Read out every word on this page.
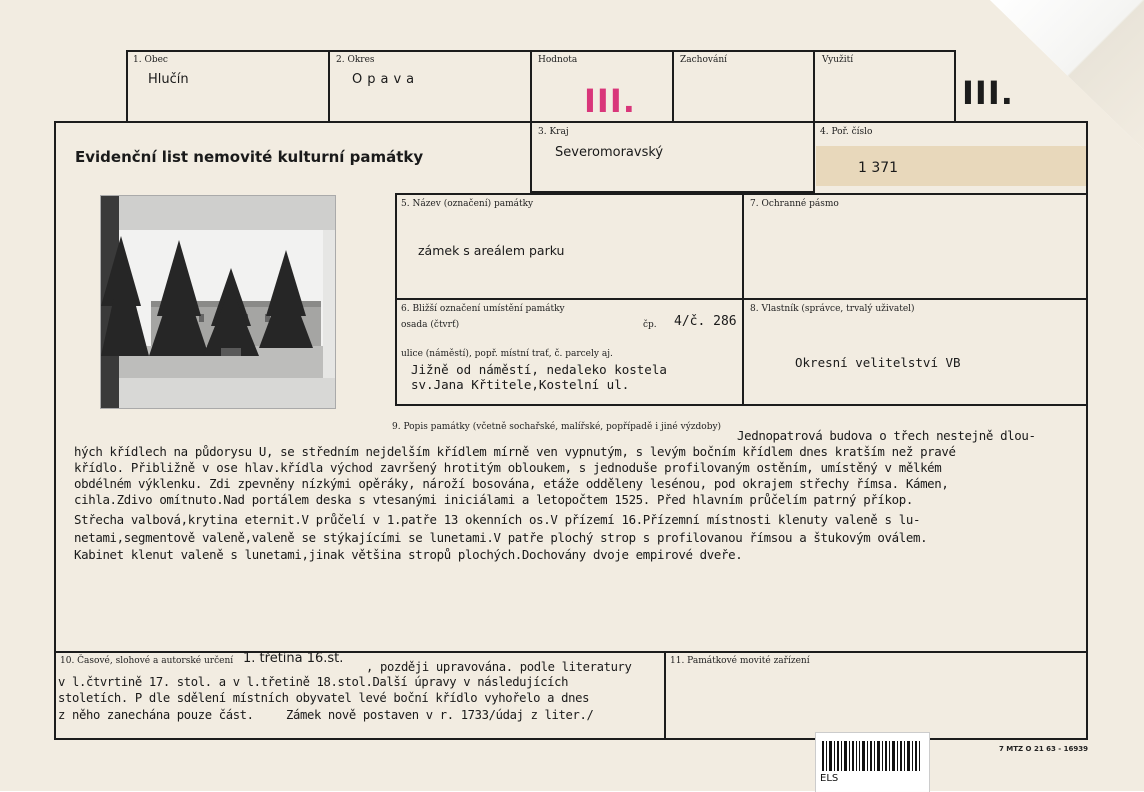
1. Obec
Hlučín
2. Okres
Opava
Hodnota
III.
Zachování	Využití
III.
Evidenční list nemovité kulturní památky
3. Kraj
Severomoravský
4. Poř. číslo
1 371
5. Název (označení) památky
zámek s areálem parku
7. Ochranné pásmo
6. Bližší označení umístění památky
osada (čtvrť)	čp. 4/č. 286
ulice (náměstí), popř. místní trať, č. parcely aj.
Jižně od náměstí, nedaleko kostela
sv.Jana Křtitele,Kostelní ul.
8. Vlastník (správce, trvalý uživatel)
Okresní velitelství VB
9. Popis památky (včetně sochařské, malířské, popřípadě i jiné výzdoby)
Jednopatrová budova o třech nestejně dlou-
hých křídlech na půdorysu U, se středním nejdelším křídlem mírně ven vypnutým, s levým bočním křídlem dnes kratším než pravé
křídlo. Přibližně v ose hlav.křídla východ završený hrotitým obloukem, s jednoduše profilovaným ostěním, umístěný v mělkém
obdélném výklenku. Zdi zpevněny nízkými opěráky, nároží bosována, etáže odděleny lesénou, pod okrajem střechy římsa. Kámen,
cihla.Zdivo omítnuto.Nad portálem deska s vtesanými iniciálami a letopočtem 1525. Před hlavním průčelím patrný příkop.
Střecha valbová,krytina eternit.V průčelí v 1.patře 13 okenních os.V přízemí 16.Přízemní místnosti klenuty valeně s lu-
netami,segmentově valeně,valeně se stýkajícími se lunetami.V patře plochý strop s profilovanou římsou a štukovým oválem.
Kabinet klenut valeně s lunetami,jinak většina stropů plochých.Dochovány dvoje empirové dveře.
10. Časové, slohové a autorské určení 1. třetina 16.st.
, později upravována. podle literatury
v l.čtvrtině 17. stol. a v l.třetině 18.stol.Další úpravy v následujících
stoletích. P dle sdělení místních obyvatel levé boční křídlo vyhořelo a dnes
z něho zanechána pouze část.	Zámek nově postaven v r. 1733/údaj z liter./
11. Památkové movité zařízení
7 MTZ O 21 63 - 16939
ELS
